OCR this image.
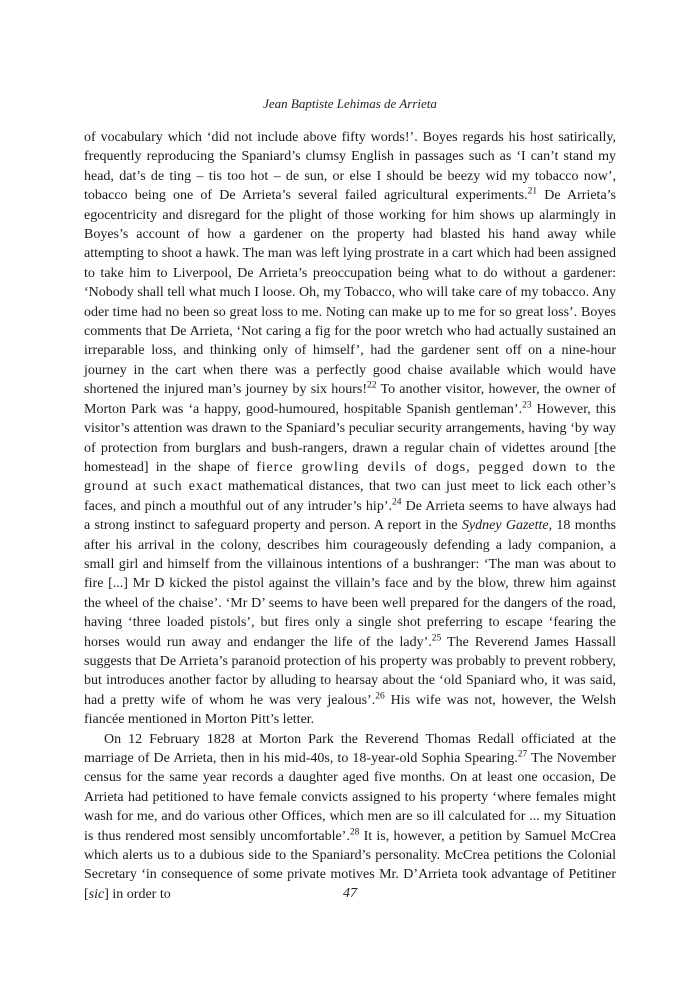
Jean Baptiste Lehimas de Arrieta

of vocabulary which ‘did not include above fifty words!’. Boyes regards his host satirically, frequently reproducing the Spaniard’s clumsy English in passages such as ‘I can’t stand my head, dat’s de ting – tis too hot – de sun, or else I should be beezy wid my tobacco now’, tobacco being one of De Arrieta’s several failed agricultural experiments.$^{21}$ De Arrieta’s egocentricity and disregard for the plight of those working for him shows up alarmingly in Boyes’s account of how a gardener on the property had blasted his hand away while attempting to shoot a hawk. The man was left lying prostrate in a cart which had been assigned to take him to Liverpool, De Arrieta’s preoccupation being what to do without a gardener: ‘Nobody shall tell what much I loose. Oh, my Tobacco, who will take care of my tobacco. Any oder time had no been so great loss to me. Noting can make up to me for so great loss’. Boyes comments that De Arrieta, ‘Not caring a fig for the poor wretch who had actually sustained an irreparable loss, and thinking only of himself’, had the gardener sent off on a nine-hour journey in the cart when there was a perfectly good chaise available which would have shortened the injured man’s journey by six hours!$^{22}$ To another visitor, however, the owner of Morton Park was ‘a happy, good-humoured, hospitable Spanish gentleman’.$^{23}$ However, this visitor’s attention was drawn to the Spaniard’s peculiar security arrangements, having ‘by way of protection from burglars and bush-rangers, drawn a regular chain of videttes around [the homestead] in the shape of fierce growling devils of dogs, pegged down to the ground at such exact mathematical distances, that two can just meet to lick each other’s faces, and pinch a mouthful out of any intruder’s hip’.$^{24}$ De Arrieta seems to have always had a strong instinct to safeguard property and person. A report in the Sydney Gazette, 18 months after his arrival in the colony, describes him courageously defending a lady companion, a small girl and himself from the villainous intentions of a bushranger: ‘The man was about to fire [...] Mr D kicked the pistol against the villain’s face and by the blow, threw him against the wheel of the chaise’. ‘Mr D’ seems to have been well prepared for the dangers of the road, having ‘three loaded pistols’, but fires only a single shot preferring to escape ‘fearing the horses would run away and endanger the life of the lady’.$^{25}$ The Reverend James Hassall suggests that De Arrieta’s paranoid protection of his property was probably to prevent robbery, but introduces another factor by alluding to hearsay about the ‘old Spaniard who, it was said, had a pretty wife of whom he was very jealous’.$^{26}$ His wife was not, however, the Welsh fiancée mentioned in Morton Pitt’s letter.

On 12 February 1828 at Morton Park the Reverend Thomas Redall officiated at the marriage of De Arrieta, then in his mid-40s, to 18-year-old Sophia Spearing.$^{27}$ The November census for the same year records a daughter aged five months. On at least one occasion, De Arrieta had petitioned to have female convicts assigned to his property ‘where females might wash for me, and do various other Offices, which men are so ill calculated for ... my Situation is thus rendered most sensibly uncomfortable’.$^{28}$ It is, however, a petition by Samuel McCrea which alerts us to a dubious side to the Spaniard’s personality. McCrea petitions the Colonial Secretary ‘in consequence of some private motives Mr. D’Arrieta took advantage of Petitiner [sic] in order to	47
